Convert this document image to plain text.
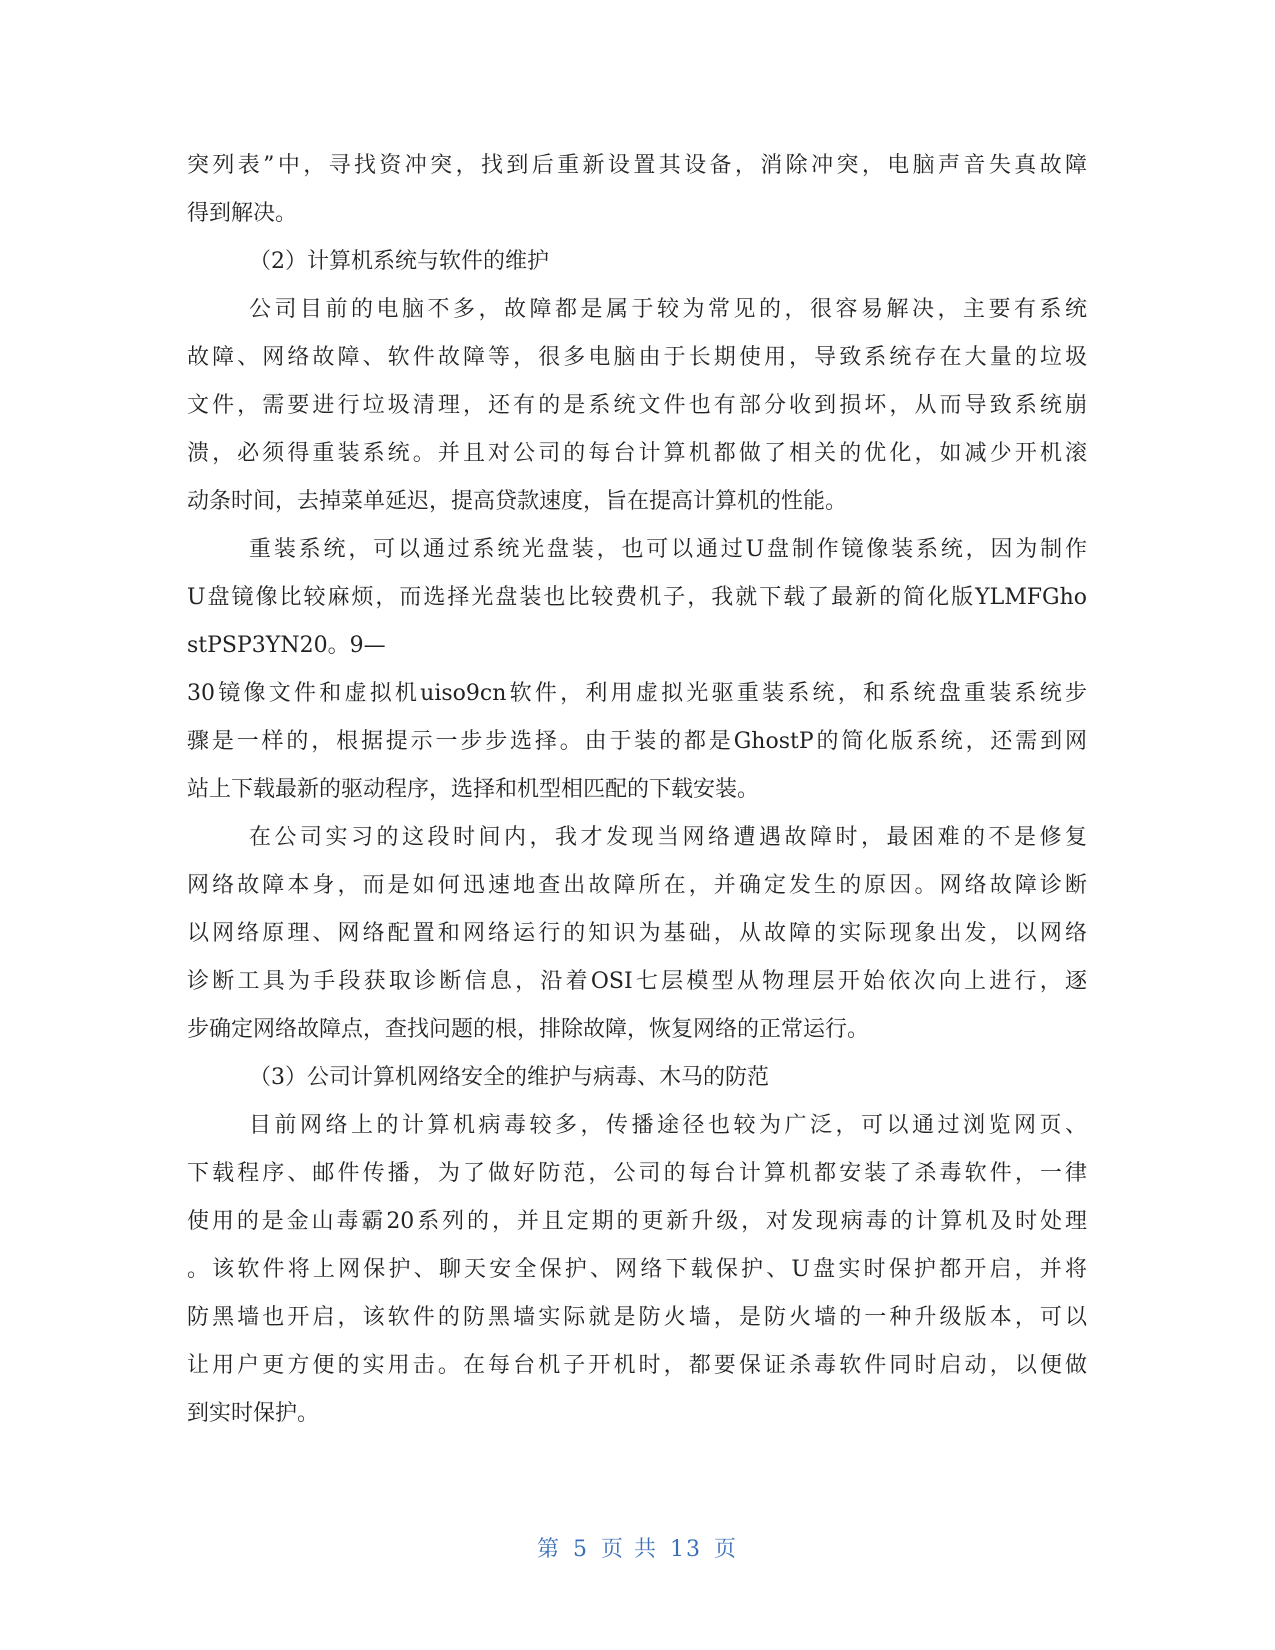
突列表”中，寻找资冲突，找到后重新设置其设备，消除冲突，电脑声音失真故障
得到解决。
（2）计算机系统与软件的维护
公司目前的电脑不多，故障都是属于较为常见的，很容易解决，主要有系统
故障、网络故障、软件故障等，很多电脑由于长期使用，导致系统存在大量的垃圾
文件，需要进行垃圾清理，还有的是系统文件也有部分收到损坏，从而导致系统崩
溃，必须得重装系统。并且对公司的每台计算机都做了相关的优化，如减少开机滚
动条时间，去掉菜单延迟，提高贷款速度，旨在提高计算机的性能。
重装系统，可以通过系统光盘装，也可以通过U盘制作镜像装系统，因为制作
U盘镜像比较麻烦，而选择光盘装也比较费机子，我就下载了最新的简化版YLMFGho
stPSP3YN20。9—
30镜像文件和虚拟机uiso9cn软件，利用虚拟光驱重装系统，和系统盘重装系统步
骤是一样的，根据提示一步步选择。由于装的都是GhostP的简化版系统，还需到网
站上下载最新的驱动程序，选择和机型相匹配的下载安装。
在公司实习的这段时间内，我才发现当网络遭遇故障时，最困难的不是修复
网络故障本身，而是如何迅速地查出故障所在，并确定发生的原因。网络故障诊断
以网络原理、网络配置和网络运行的知识为基础，从故障的实际现象出发，以网络
诊断工具为手段获取诊断信息，沿着OSI七层模型从物理层开始依次向上进行，逐
步确定网络故障点，查找问题的根，排除故障，恢复网络的正常运行。
（3）公司计算机网络安全的维护与病毒、木马的防范
目前网络上的计算机病毒较多，传播途径也较为广泛，可以通过浏览网页、
下载程序、邮件传播，为了做好防范，公司的每台计算机都安装了杀毒软件，一律
使用的是金山毒霸20系列的，并且定期的更新升级，对发现病毒的计算机及时处理
。该软件将上网保护、聊天安全保护、网络下载保护、U盘实时保护都开启，并将
防黑墙也开启，该软件的防黑墙实际就是防火墙，是防火墙的一种升级版本，可以
让用户更方便的实用击。在每台机子开机时，都要保证杀毒软件同时启动，以便做
到实时保护。
第 5 页 共 13 页
